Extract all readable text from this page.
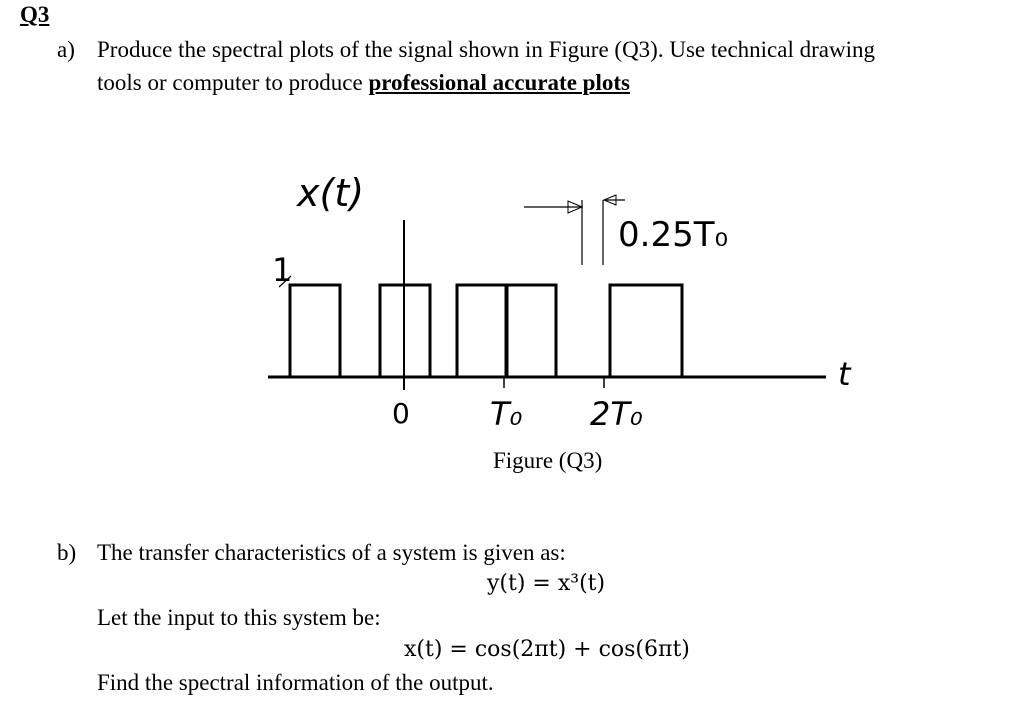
Q3
a) Produce the spectral plots of the signal shown in Figure (Q3). Use technical drawing
tools or computer to produce professional accurate plots
x(t)
1
0.25T₀
t
0	T₀ 2T₀
Figure (Q3)
b) The transfer characteristics of a system is given as:
y(t) = x³(t)
Let the input to this system be:
x(t) = cos(2πt) + cos(6πt)
Find the spectral information of the output.
